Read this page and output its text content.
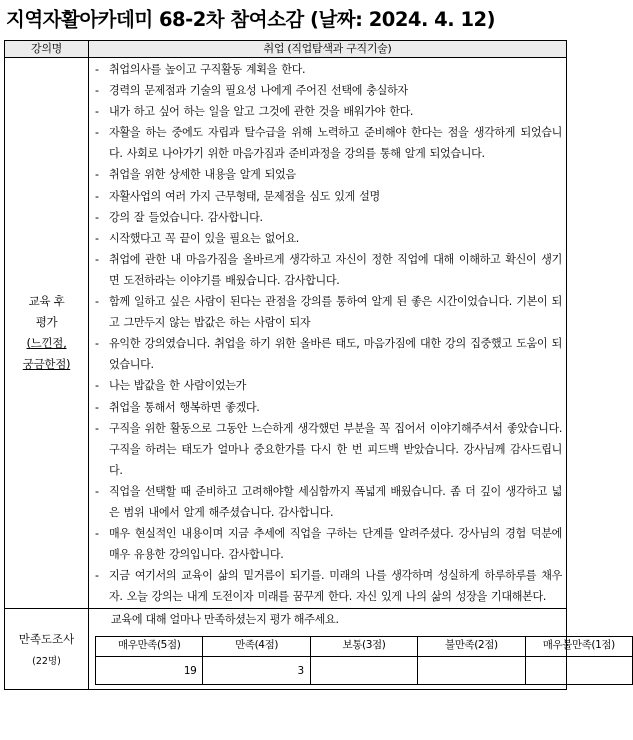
지역자활아카데미 68-2차 참여소감 (날짜: 2024. 4. 12)
강의명	취업 (직업탐색과 구직기술)

교육 후
평가
(느낀점,
궁금한점)

- 취업의사를 높이고 구직활동 계획을 한다.
- 경력의 문제점과 기술의 필요성 나에게 주어진 선택에 충실하자
- 내가 하고 싶어 하는 일을 알고 그것에 관한 것을 배워가야 한다.
- 자활을 하는 중에도 자립과 탈수급을 위해 노력하고 준비해야 한다는 점을 생각하게 되었습니다. 사회로 나아가기 위한 마음가짐과 준비과정을 강의를 통해 알게 되었습니다.
- 취업을 위한 상세한 내용을 알게 되었음
- 자활사업의 여러 가지 근무형태, 문제점을 심도 있게 설명
- 강의 잘 들었습니다. 감사합니다.
- 시작했다고 꼭 끝이 있을 필요는 없어요.
- 취업에 관한 내 마음가짐을 올바르게 생각하고 자신이 정한 직업에 대해 이해하고 확신이 생기면 도전하라는 이야기를 배웠습니다. 감사합니다.
- 함께 일하고 싶은 사람이 된다는 관점을 강의를 통하여 알게 된 좋은 시간이었습니다. 기본이 되고 그만두지 않는 밥값은 하는 사람이 되자
- 유익한 강의였습니다. 취업을 하기 위한 올바른 태도, 마음가짐에 대한 강의 집중했고 도움이 되었습니다.
- 나는 밥값을 한 사람이었는가
- 취업을 통해서 행복하면 좋겠다.
- 구직을 위한 활동으로 그동안 느슨하게 생각했던 부분을 꼭 집어서 이야기해주셔서 좋았습니다. 구직을 하려는 태도가 얼마나 중요한가를 다시 한 번 피드백 받았습니다. 강사님께 감사드립니다.
- 직업을 선택할 때 준비하고 고려해야할 세심함까지 폭넓게 배웠습니다. 좀 더 깊이 생각하고 넓은 범위 내에서 알게 해주셨습니다. 감사합니다.
- 매우 현실적인 내용이며 지금 추세에 직업을 구하는 단계를 알려주셨다. 강사님의 경험 덕분에 매우 유용한 강의입니다. 감사합니다.
- 지금 여기서의 교육이 삶의 밑거름이 되기를. 미래의 나를 생각하며 성실하게 하루하루를 채우자. 오늘 강의는 내게 도전이자 미래를 꿈꾸게 한다. 자신 있게 나의 삶의 성장을 기대해본다.

만족도조사
(22명)

교육에 대해 얼마나 만족하셨는지 평가 해주세요.
매우만족(5점)	만족(4점)	보통(3점)	불만족(2점)	매우불만족(1점)
19	3			
